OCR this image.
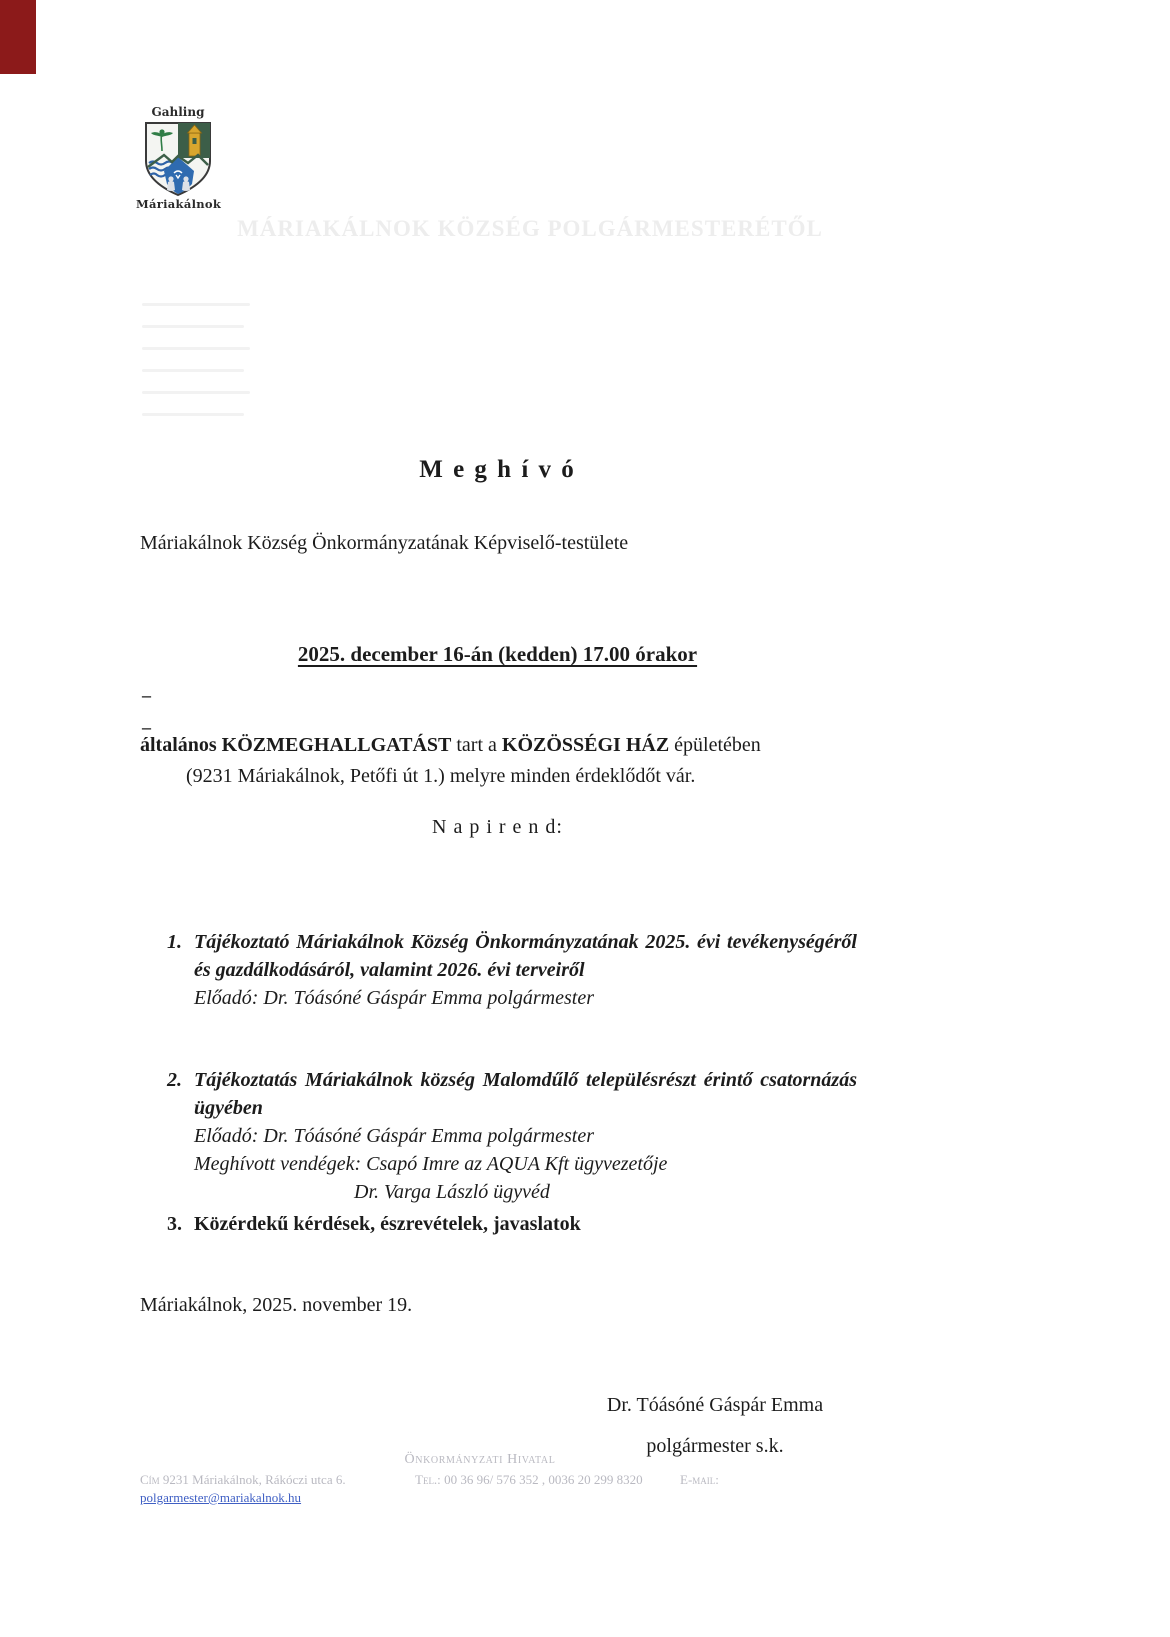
Gahling
Máriakálnok
MÁRIAKÁLNOK KÖZSÉG POLGÁRMESTERÉTŐL
M e g h í v ó
Máriakálnok Község Önkormányzatának Képviselő-testülete
2025. december 16-án (kedden) 17.00 órakor
–
–
általános KÖZMEGHALLGATÁST tart a KÖZÖSSÉGI HÁZ épületében
(9231 Máriakálnok, Petőfi út 1.) melyre minden érdeklődőt vár.
N a p i r e n d:
1. Tájékoztató Máriakálnok Község Önkormányzatának 2025. évi tevékenységéről és gazdálkodásáról, valamint 2026. évi terveiről
Előadó: Dr. Tóásóné Gáspár Emma polgármester
2. Tájékoztatás Máriakálnok község Malomdűlő településrészt érintő csatornázás ügyében
Előadó: Dr. Tóásóné Gáspár Emma polgármester
Meghívott vendégek: Csapó Imre az AQUA Kft ügyvezetője
Dr. Varga László ügyvéd
3. Közérdekű kérdések, észrevételek, javaslatok
Máriakálnok, 2025. november 19.
Dr. Tóásóné Gáspár Emma
polgármester s.k.
Önkormányzati Hivatal
Cím 9231 Máriakálnok, Rákóczi utca 6.	Tel.: 00 36 96/ 576 352 , 0036 20 299 8320	E-mail:
polgarmester@mariakalnok.hu
